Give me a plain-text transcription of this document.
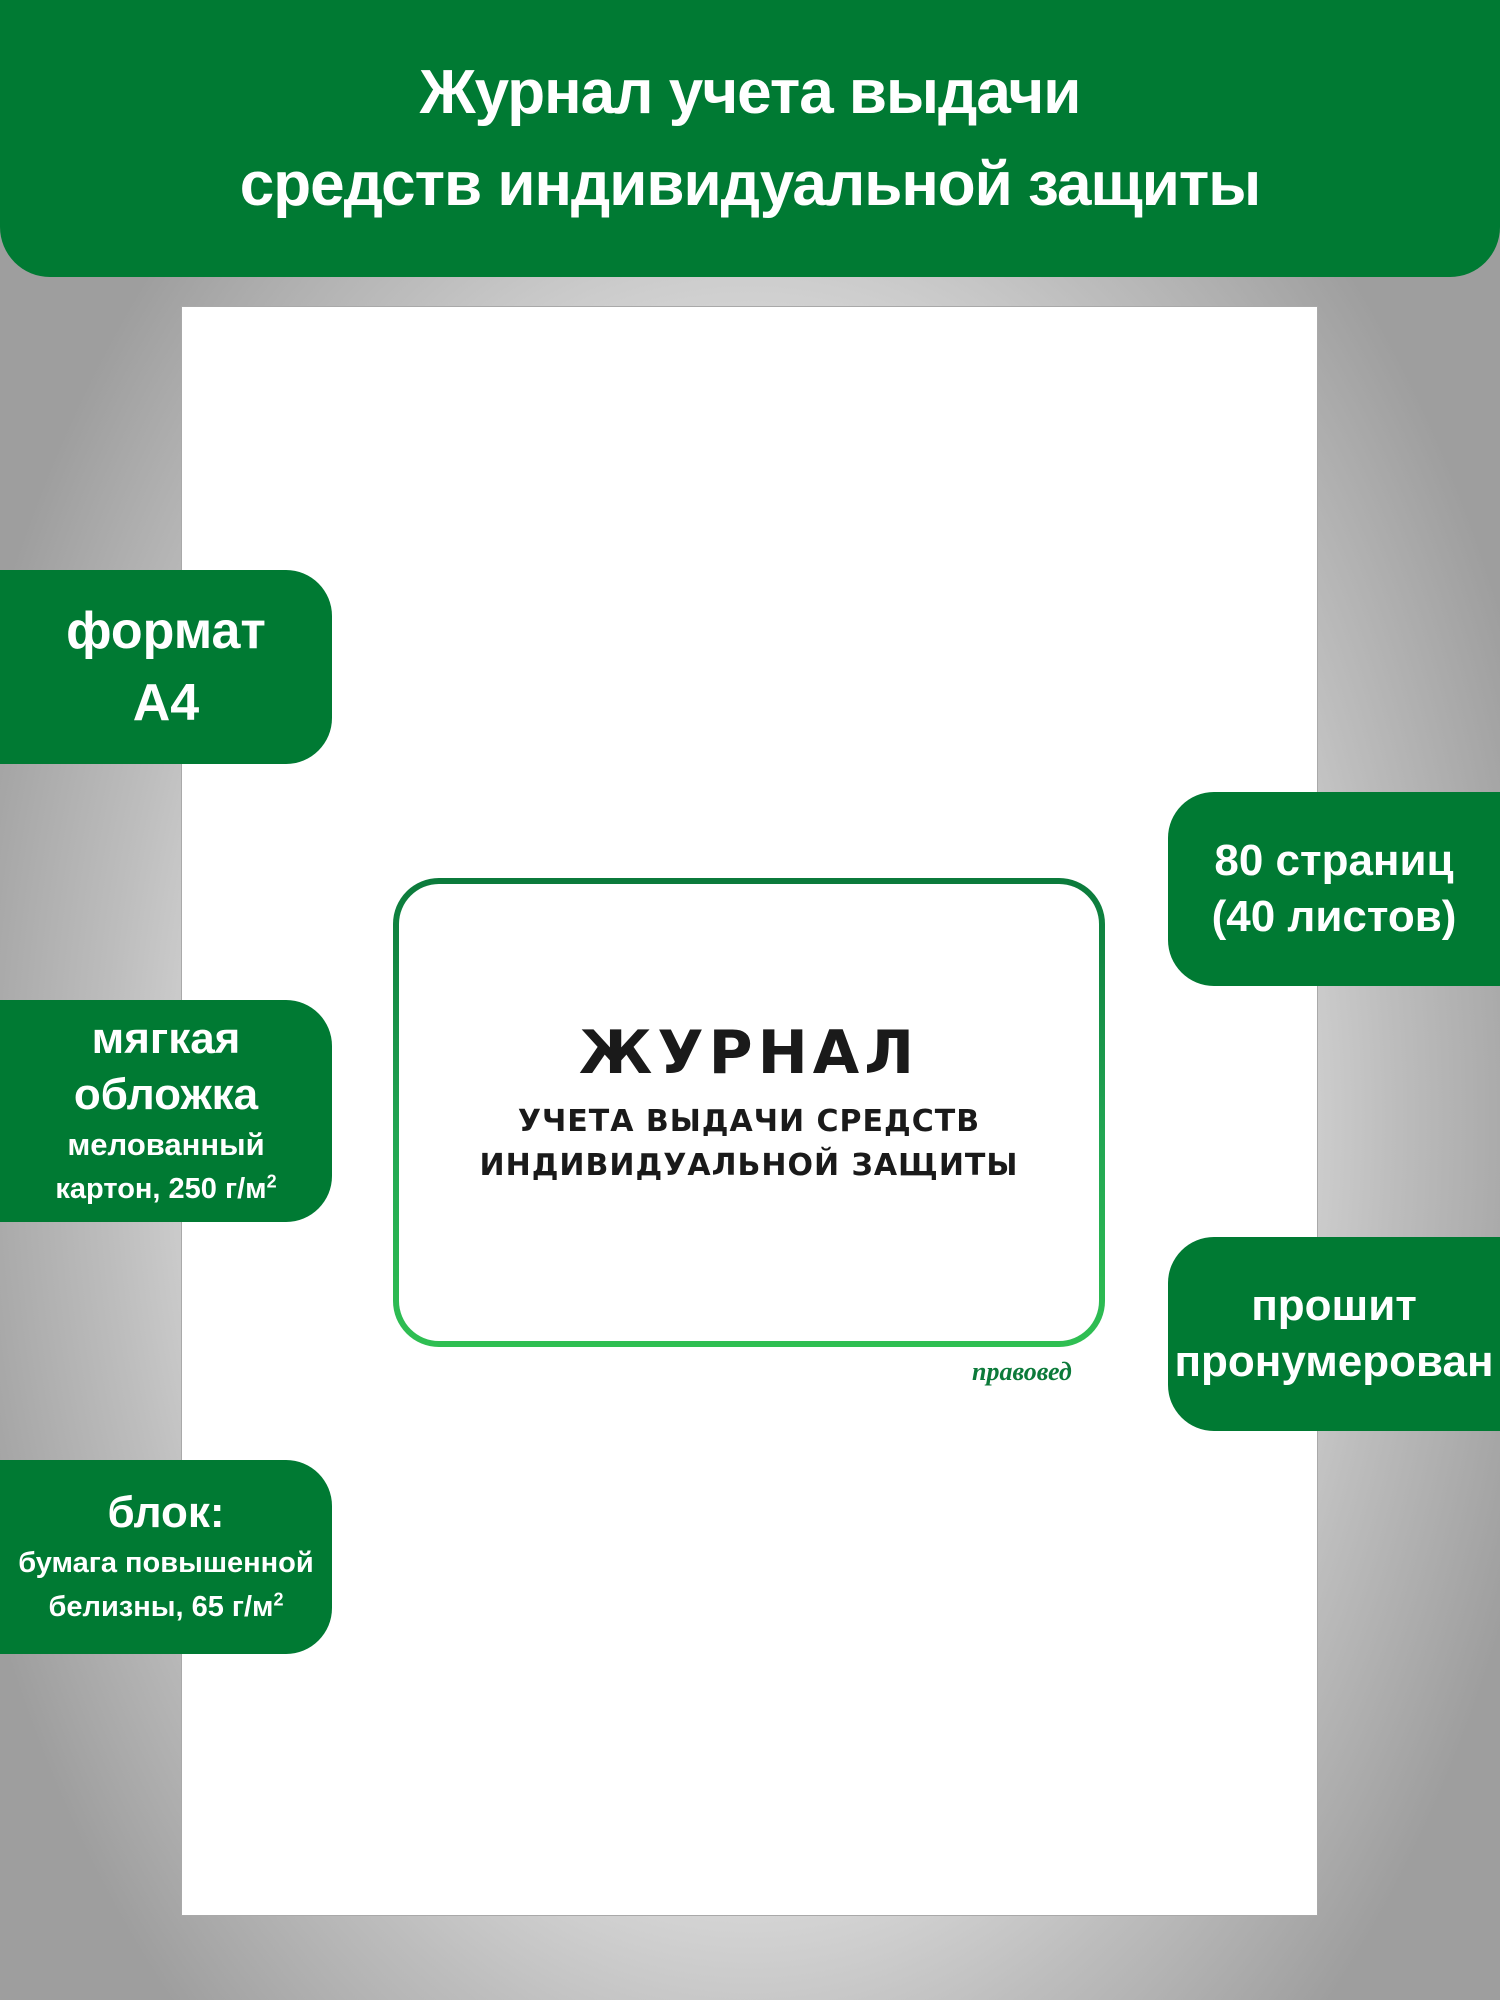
Журнал учета выдачи
средств индивидуальной защиты
ЖУРНАЛ
УЧЕТА ВЫДАЧИ СРЕДСТВ
ИНДИВИДУАЛЬНОЙ ЗАЩИТЫ
правовед
формат
А4
мягкая
обложка
мелованный
картон, 250 $г/м^2$
блок:
бумага повышенной
белизны, 65 $г/м^2$
80 страниц
(40 листов)
прошит
пронумерован
